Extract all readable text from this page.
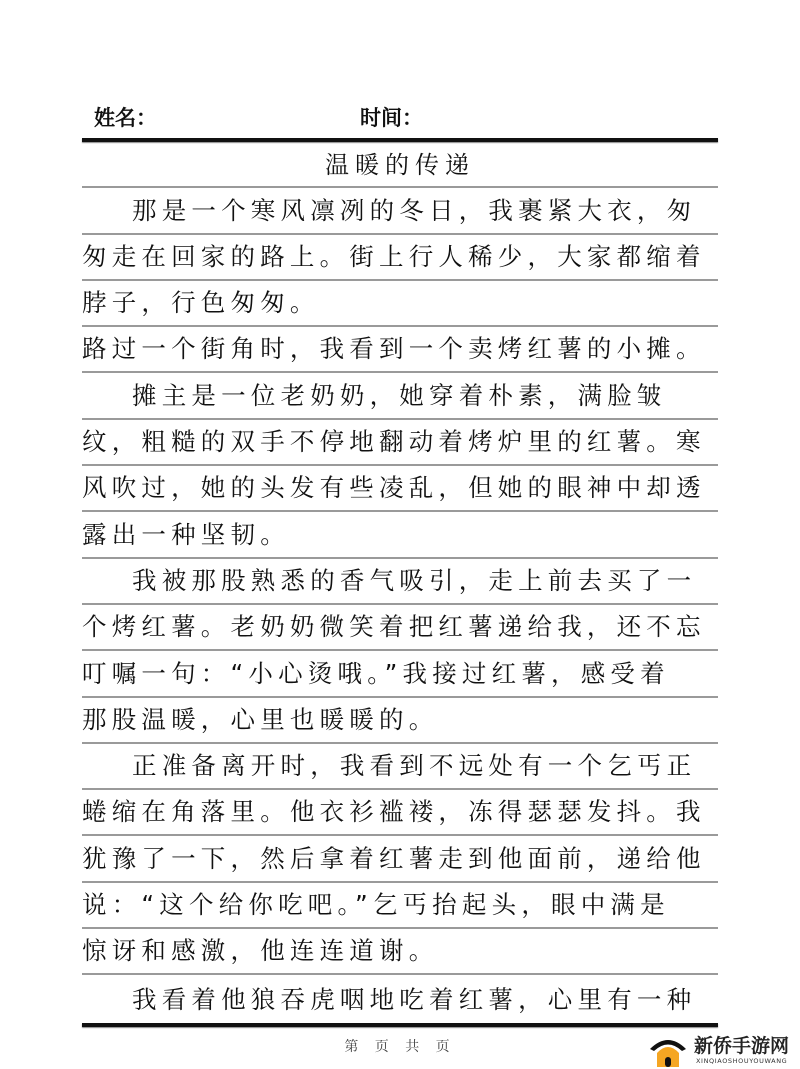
姓名：	时间：
温暖的传递
那是一个寒风凛冽的冬日，我裹紧大衣，匆
匆走在回家的路上。街上行人稀少，大家都缩着
脖子，行色匆匆。
路过一个街角时，我看到一个卖烤红薯的小摊。
摊主是一位老奶奶，她穿着朴素，满脸皱
纹，粗糙的双手不停地翻动着烤炉里的红薯。寒
风吹过，她的头发有些凌乱，但她的眼神中却透
露出一种坚韧。
我被那股熟悉的香气吸引，走上前去买了一
个烤红薯。老奶奶微笑着把红薯递给我，还不忘
叮嘱一句：“小心烫哦。”我接过红薯，感受着
那股温暖，心里也暖暖的。
正准备离开时，我看到不远处有一个乞丐正
蜷缩在角落里。他衣衫褴褛，冻得瑟瑟发抖。我
犹豫了一下，然后拿着红薯走到他面前，递给他
说：“这个给你吃吧。”乞丐抬起头，眼中满是
惊讶和感激，他连连道谢。
我看着他狼吞虎咽地吃着红薯，心里有一种
第 页 共 页	新侨手游网
XINQIAOSHOUYOUWANG
